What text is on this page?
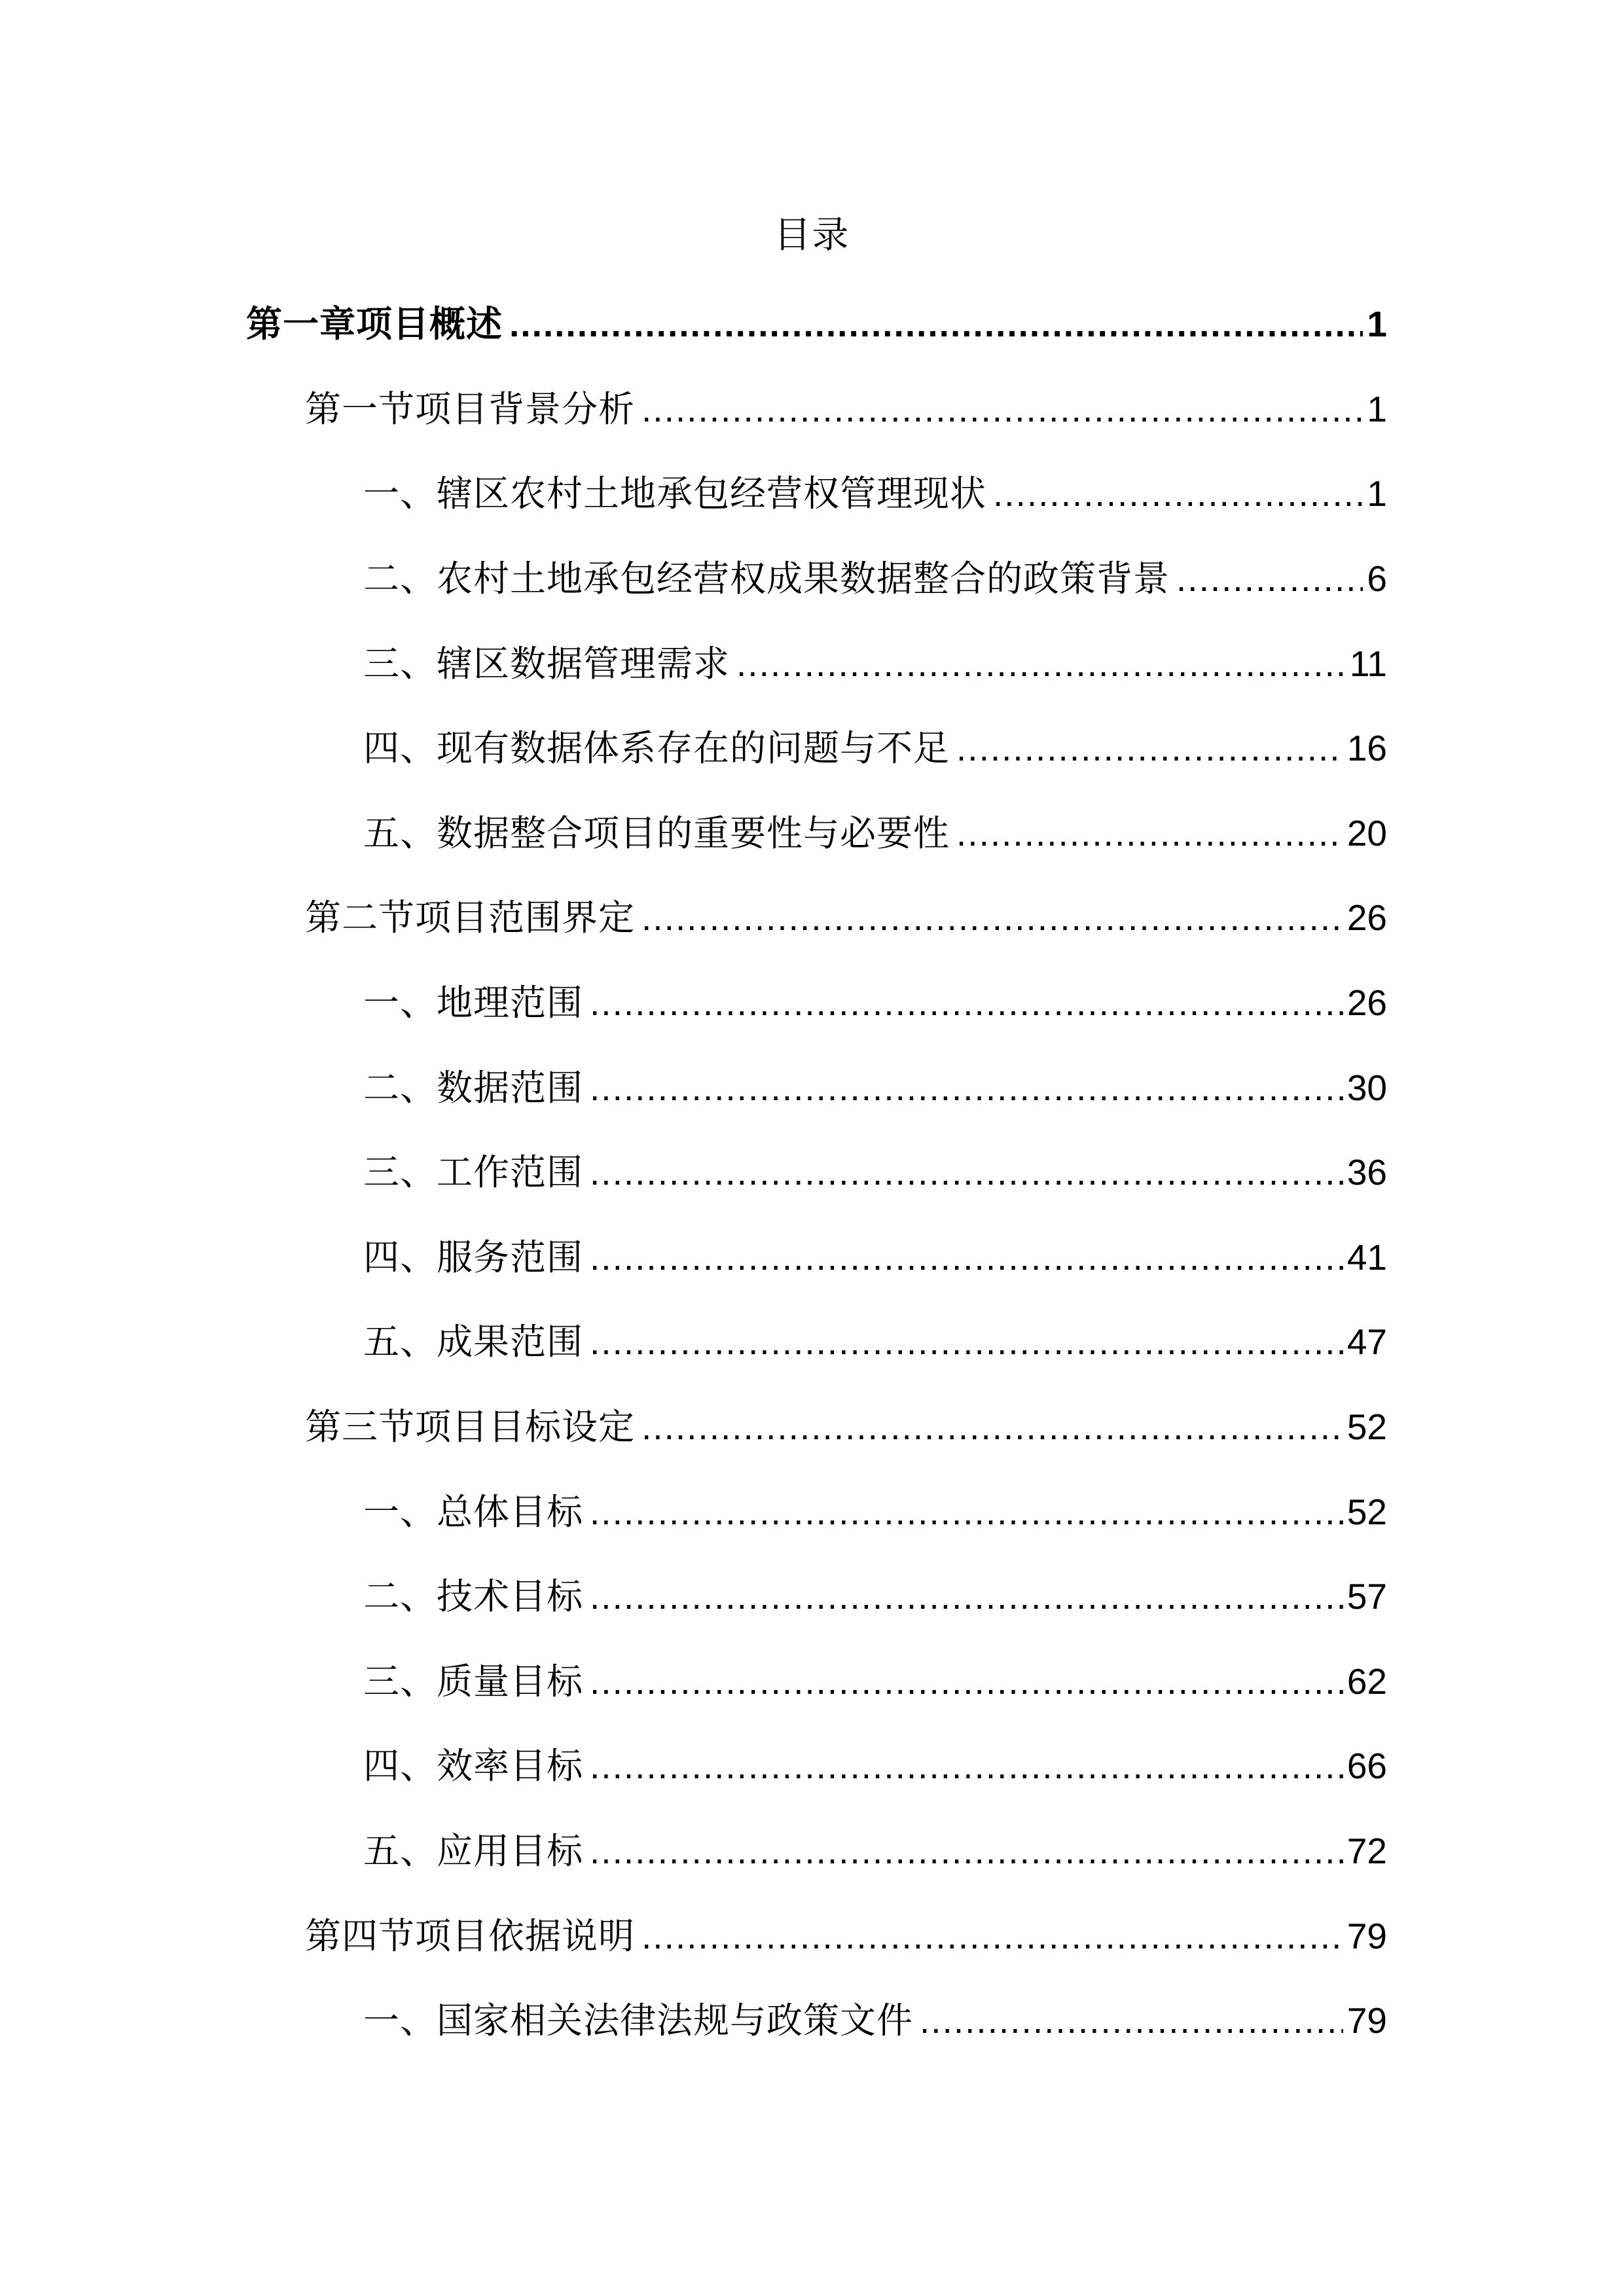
目录
第一章项目概述 .....	1
第一节项目背景分析 .....	1
一、辖区农村土地承包经营权管理现状 .....	1
二、农村土地承包经营权成果数据整合的政策背景 .....	6
三、辖区数据管理需求 .....	11
四、现有数据体系存在的问题与不足 .....	16
五、数据整合项目的重要性与必要性 .....	20
第二节项目范围界定 .....	26
一、地理范围 .....	26
二、数据范围 .....	30
三、工作范围 .....	36
四、服务范围 .....	41
五、成果范围 .....	47
第三节项目目标设定 .....	52
一、总体目标 .....	52
二、技术目标 .....	57
三、质量目标 .....	62
四、效率目标 .....	66
五、应用目标 .....	72
第四节项目依据说明 .....	79
一、国家相关法律法规与政策文件 .....	79
